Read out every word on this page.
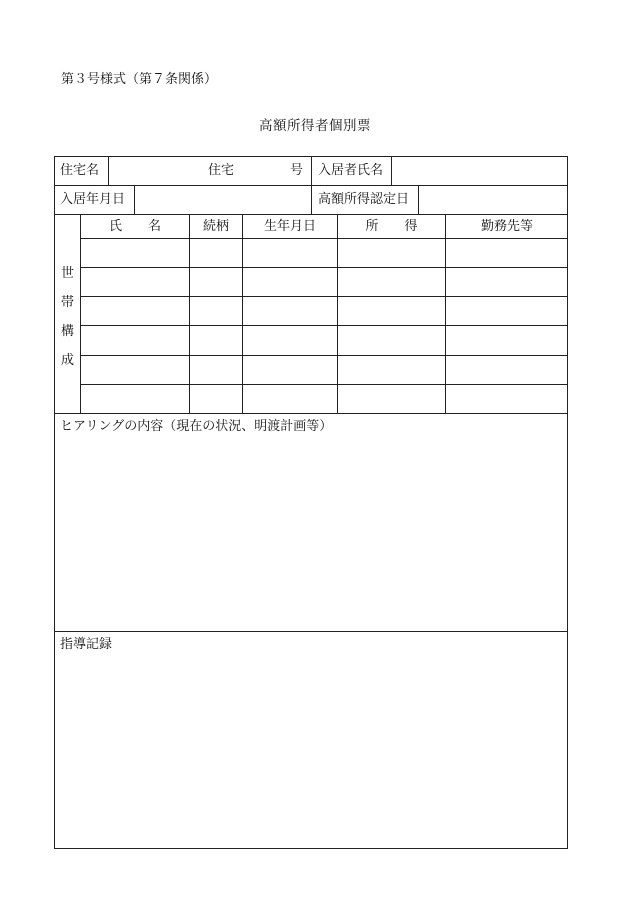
第３号様式（第７条関係）
高額所得者個別票
住宅名	住宅	号 入居者氏名
入居年月日	高額所得認定日
世
帯
構
成
氏　　名	続柄	生年月日	所　　得	勤務先等
ヒアリングの内容（現在の状況、明渡計画等）
指導記録
